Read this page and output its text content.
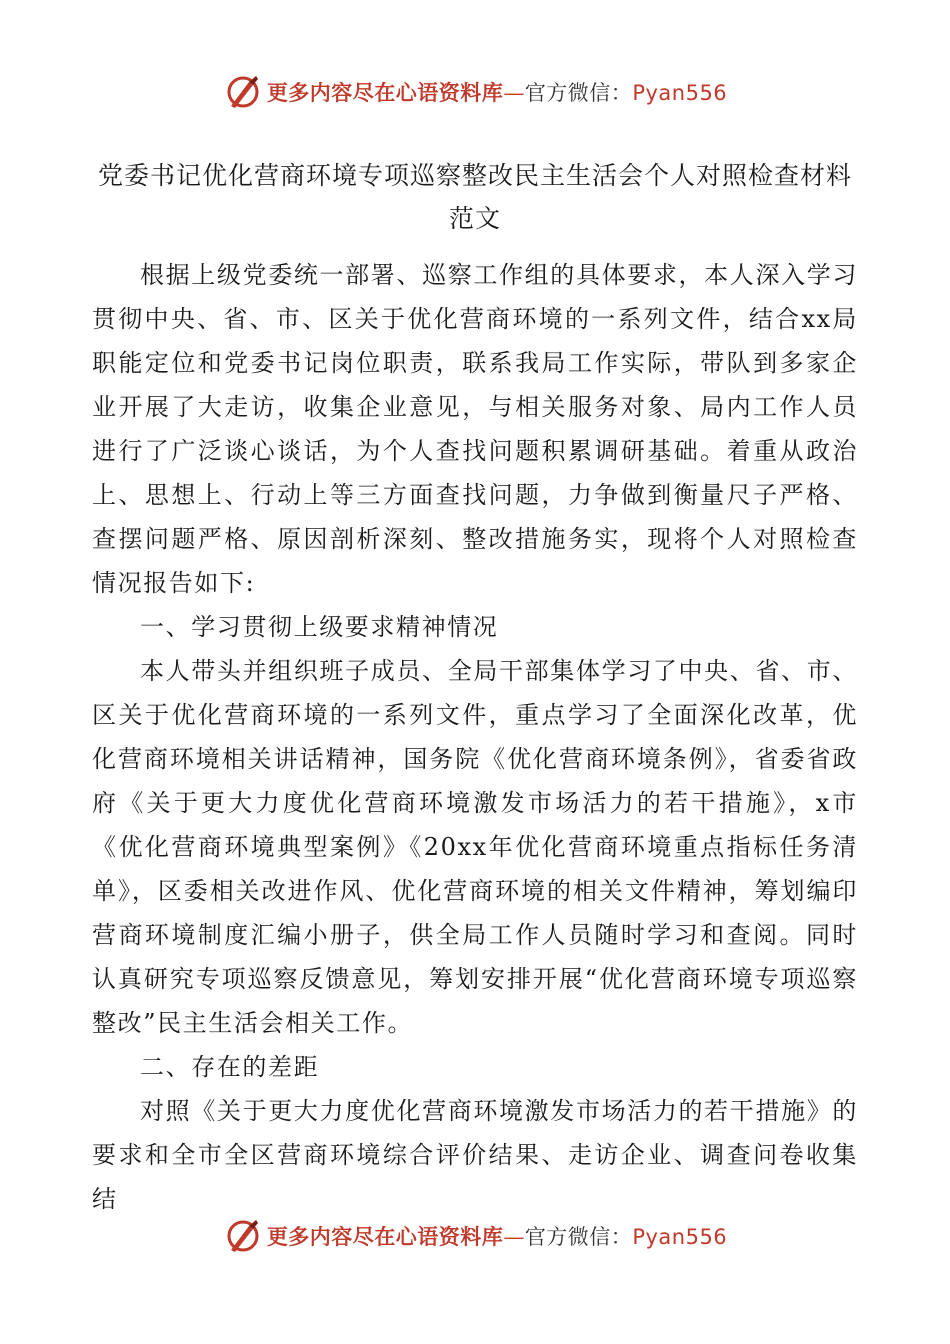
更多内容尽在心语资料库—官方微信：Pyan556
党委书记优化营商环境专项巡察整改民主生活会个人对照检查材料范文

根据上级党委统一部署、巡察工作组的具体要求，本人深入学习贯彻中央、省、市、区关于优化营商环境的一系列文件，结合xx局职能定位和党委书记岗位职责，联系我局工作实际，带队到多家企业开展了大走访，收集企业意见，与相关服务对象、局内工作人员进行了广泛谈心谈话，为个人查找问题积累调研基础。着重从政治上、思想上、行动上等三方面查找问题，力争做到衡量尺子严格、查摆问题严格、原因剖析深刻、整改措施务实，现将个人对照检查情况报告如下:

一、学习贯彻上级要求精神情况

本人带头并组织班子成员、全局干部集体学习了中央、省、市、区关于优化营商环境的一系列文件，重点学习了全面深化改革，优化营商环境相关讲话精神，国务院《优化营商环境条例》，省委省政府《关于更大力度优化营商环境激发市场活力的若干措施》，x市《优化营商环境典型案例》《20xx年优化营商环境重点指标任务清单》，区委相关改进作风、优化营商环境的相关文件精神，筹划编印营商环境制度汇编小册子，供全局工作人员随时学习和查阅。同时认真研究专项巡察反馈意见，筹划安排开展“优化营商环境专项巡察整改”民主生活会相关工作。

二、存在的差距

对照《关于更大力度优化营商环境激发市场活力的若干措施》的要求和全市全区营商环境综合评价结果、走访企业、调查问卷收集结

更多内容尽在心语资料库—官方微信：Pyan556
